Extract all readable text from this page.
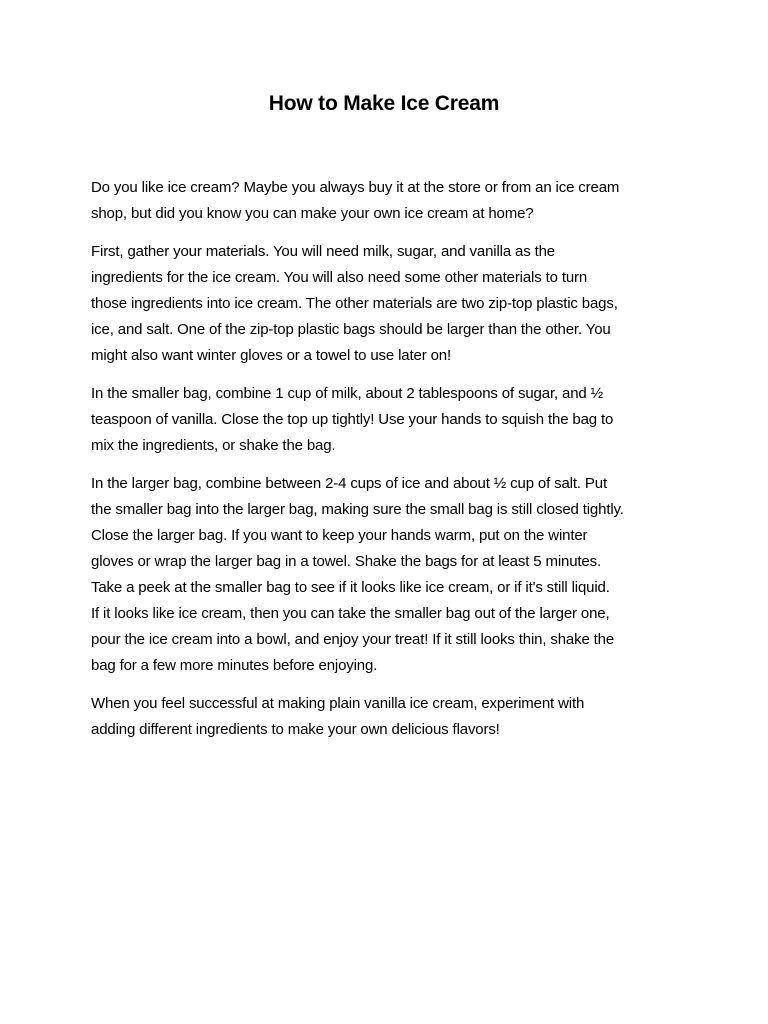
How to Make Ice Cream

Do you like ice cream? Maybe you always buy it at the store or from an ice cream
shop, but did you know you can make your own ice cream at home?

First, gather your materials. You will need milk, sugar, and vanilla as the
ingredients for the ice cream. You will also need some other materials to turn
those ingredients into ice cream. The other materials are two zip-top plastic bags,
ice, and salt. One of the zip-top plastic bags should be larger than the other. You
might also want winter gloves or a towel to use later on!

In the smaller bag, combine 1 cup of milk, about 2 tablespoons of sugar, and ½
teaspoon of vanilla. Close the top up tightly! Use your hands to squish the bag to
mix the ingredients, or shake the bag.

In the larger bag, combine between 2-4 cups of ice and about ½ cup of salt. Put
the smaller bag into the larger bag, making sure the small bag is still closed tightly.
Close the larger bag. If you want to keep your hands warm, put on the winter
gloves or wrap the larger bag in a towel. Shake the bags for at least 5 minutes.
Take a peek at the smaller bag to see if it looks like ice cream, or if it's still liquid.
If it looks like ice cream, then you can take the smaller bag out of the larger one,
pour the ice cream into a bowl, and enjoy your treat! If it still looks thin, shake the
bag for a few more minutes before enjoying.

When you feel successful at making plain vanilla ice cream, experiment with
adding different ingredients to make your own delicious flavors!
